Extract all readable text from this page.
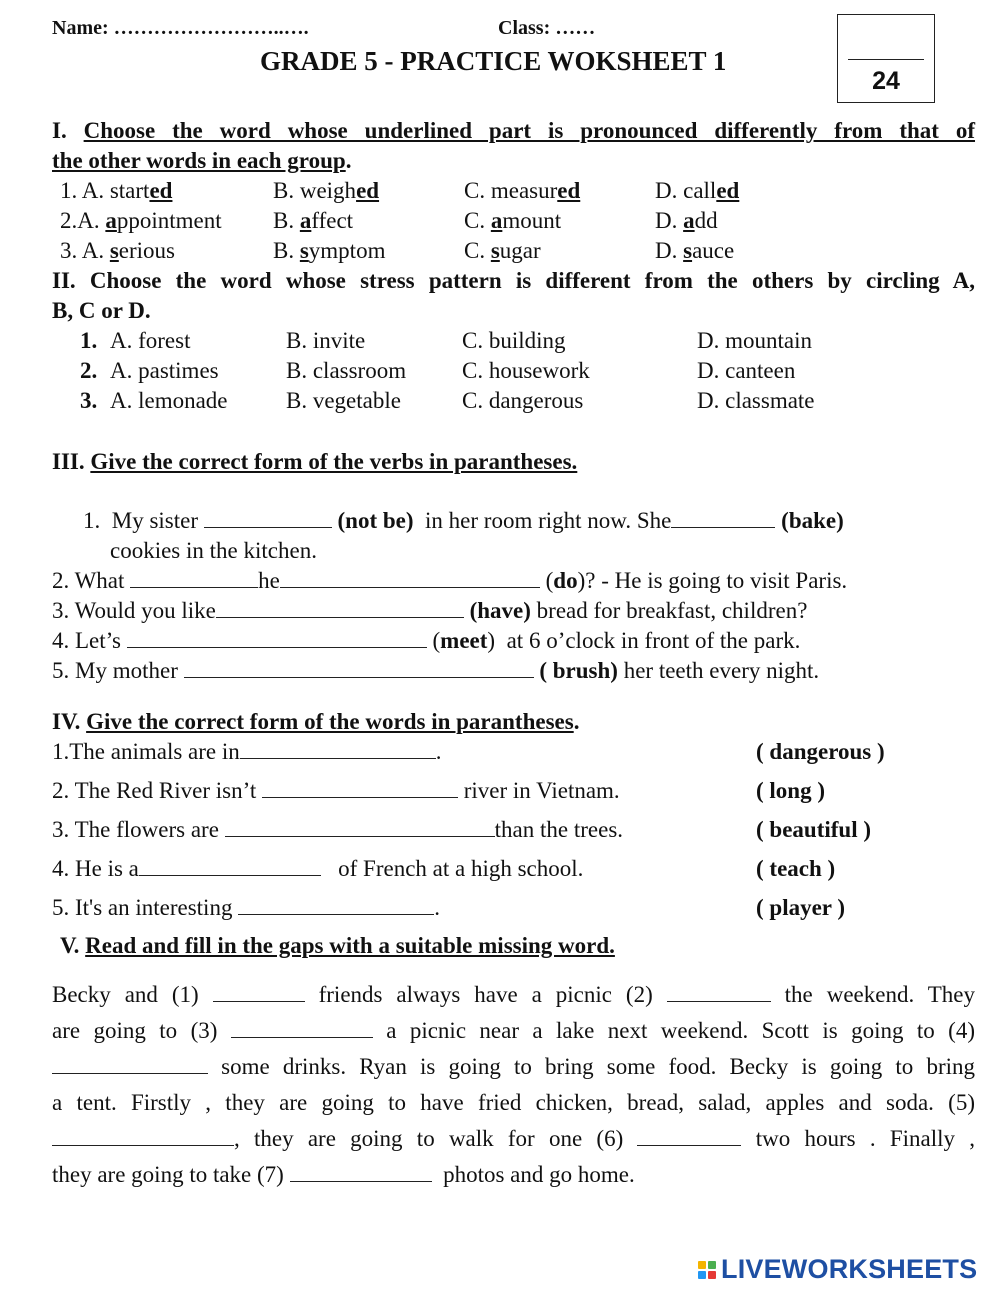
Name: ……………………..….	Class: ……
GRADE 5 - PRACTICE WOKSHEET 1
24
I. Choose the word whose underlined part is pronounced differently from that of
the other words in each group.
1. A. started	B. weighed	C. measured	D. called
2.A. appointment B. affect	C. amount	D. add
3. A. serious	B. symptom	C. sugar	D. sauce
II. Choose the word whose stress pattern is different from the others by circling A,
B, C or D.
1. A. forest	B. invite	C. building	D. mountain
2. A. pastimes	B. classroom C. housework	D. canteen
3. A. lemonade	B. vegetable	C. dangerous	D. classmate
III. Give the correct form of the verbs in parantheses.
1. My sister	(not be) in her room right now. She	(bake)
cookies in the kitchen.
2. What	he	(do)? - He is going to visit Paris.
3. Would you like	(have) bread for breakfast, children?
4. Let’s	(meet) at 6 o’clock in front of the park.
5. My mother	( brush) her teeth every night.
IV. Give the correct form of the words in parantheses.
1.The animals are in	.	( dangerous )
2. The Red River isn’t	river in Vietnam.	( long )
3. The flowers are	than the trees.	( beautiful )
4. He is a	of French at a high school.	( teach )
5. It's an interesting	.	( player )
V. Read and fill in the gaps with a suitable missing word.
Becky and (1)	friends always have a picnic (2)	the weekend. They
are going to (3)	a picnic near a lake next weekend. Scott is going to (4)
some drinks. Ryan is going to bring some food. Becky is going to bring
a tent. Firstly , they are going to have fried chicken, bread, salad, apples and soda. (5)
, they are going to walk for one (6)	two hours . Finally ,
they are going to take (7)	photos and go home.
LIVEWORKSHEETS
